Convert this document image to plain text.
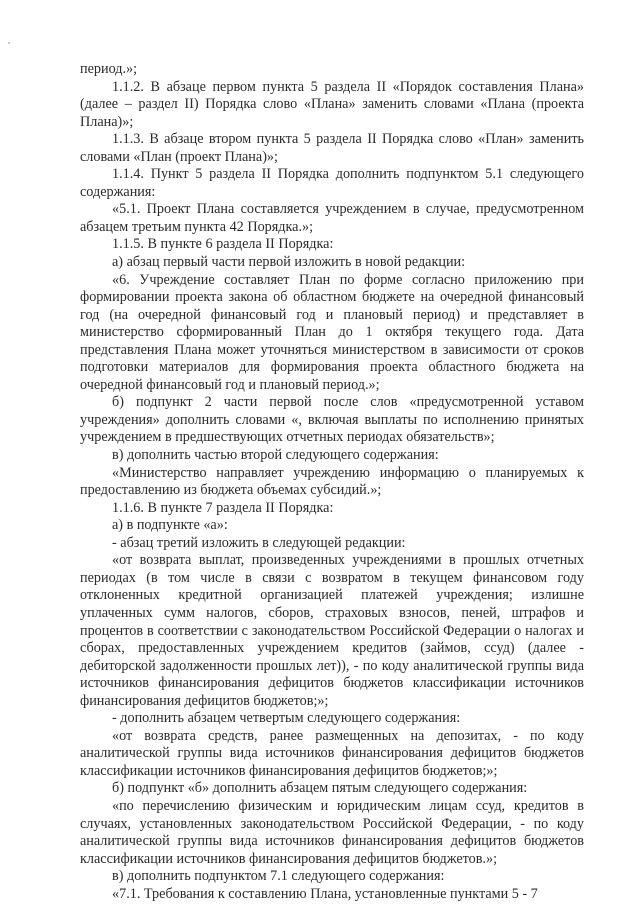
период.»;

1.1.2. В абзаце первом пункта 5 раздела II «Порядок составления Плана» (далее – раздел II) Порядка слово «Плана» заменить словами «Плана (проекта Плана)»;

1.1.3. В абзаце втором пункта 5 раздела II Порядка слово «План» заменить словами «План (проект Плана)»;

1.1.4. Пункт 5 раздела II Порядка дополнить подпунктом 5.1 следующего содержания:

«5.1. Проект Плана составляется учреждением в случае, предусмотренном абзацем третьим пункта 42 Порядка.»;

1.1.5. В пункте 6 раздела II Порядка:

а) абзац первый части первой изложить в новой редакции:

«6. Учреждение составляет План по форме согласно приложению при формировании проекта закона об областном бюджете на очередной финансовый год (на очередной финансовый год и плановый период) и представляет в министерство сформированный План до 1 октября текущего года. Дата представления Плана может уточняться министерством в зависимости от сроков подготовки материалов для формирования проекта областного бюджета на очередной финансовый год и плановый период.»;

б) подпункт 2 части первой после слов «предусмотренной уставом учреждения» дополнить словами «, включая выплаты по исполнению принятых учреждением в предшествующих отчетных периодах обязательств»;

в) дополнить частью второй следующего содержания:

«Министерство направляет учреждению информацию о планируемых к предоставлению из бюджета объемах субсидий.»;

1.1.6. В пункте 7 раздела II Порядка:

а) в подпункте «а»:

- абзац третий изложить в следующей редакции:

«от возврата выплат, произведенных учреждениями в прошлых отчетных периодах (в том числе в связи с возвратом в текущем финансовом году отклоненных кредитной организацией платежей учреждения; излишне уплаченных сумм налогов, сборов, страховых взносов, пеней, штрафов и процентов в соответствии с законодательством Российской Федерации о налогах и сборах, предоставленных учреждением кредитов (займов, ссуд) (далее - дебиторской задолженности прошлых лет)), - по коду аналитической группы вида источников финансирования дефицитов бюджетов классификации источников финансирования дефицитов бюджетов;»;

- дополнить абзацем четвертым следующего содержания:

«от возврата средств, ранее размещенных на депозитах, - по коду аналитической группы вида источников финансирования дефицитов бюджетов классификации источников финансирования дефицитов бюджетов;»;

б) подпункт «б» дополнить абзацем пятым следующего содержания:

«по перечислению физическим и юридическим лицам ссуд, кредитов в случаях, установленных законодательством Российской Федерации, - по коду аналитической группы вида источников финансирования дефицитов бюджетов классификации источников финансирования дефицитов бюджетов.»;

в) дополнить подпунктом 7.1 следующего содержания:

«7.1. Требования к составлению Плана, установленные пунктами 5 - 7
